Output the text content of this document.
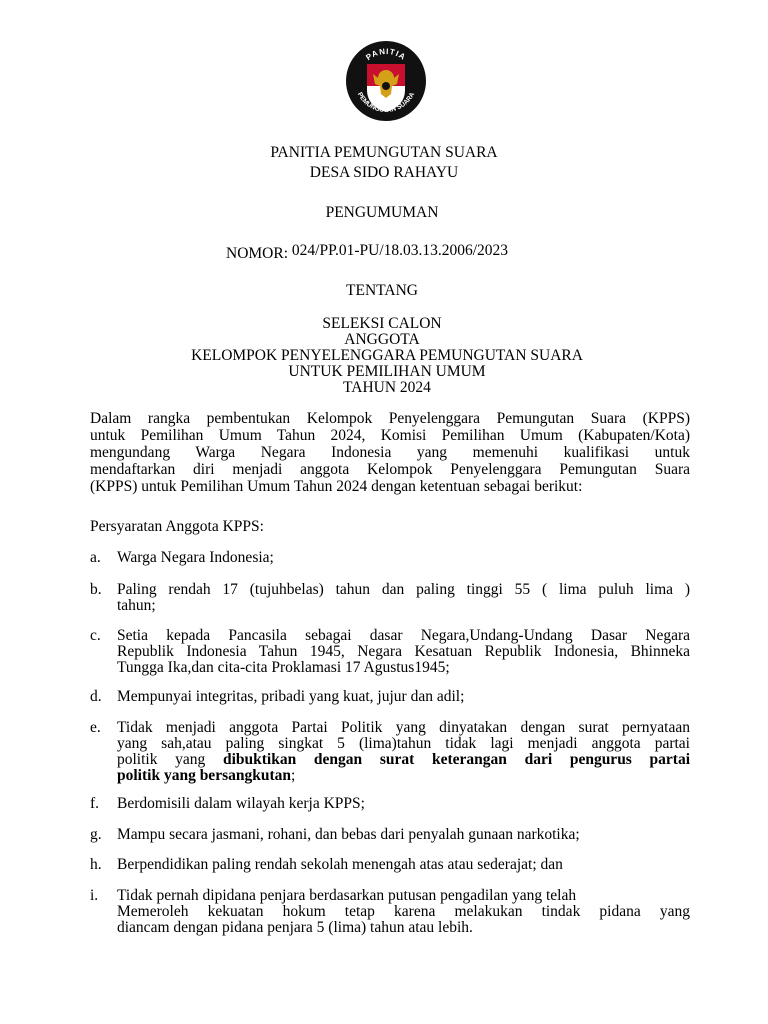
PANITIA
PEMUNGUTAN SUARA
PANITIA PEMUNGUTAN SUARA
DESA SIDO RAHAYU
PENGUMUMAN
NOMOR: 024/PP.01-PU/18.03.13.2006/2023
TENTANG
SELEKSI CALON
ANGGOTA
KELOMPOK PENYELENGGARA PEMUNGUTAN SUARA
UNTUK PEMILIHAN UMUM
TAHUN 2024
Dalam rangka pembentukan Kelompok Penyelenggara Pemungutan Suara (KPPS)
untuk Pemilihan Umum Tahun 2024, Komisi Pemilihan Umum (Kabupaten/Kota)
mengundang Warga Negara Indonesia yang memenuhi kualifikasi untuk
mendaftarkan diri menjadi anggota Kelompok Penyelenggara Pemungutan Suara
(KPPS) untuk Pemilihan Umum Tahun 2024 dengan ketentuan sebagai berikut:
Persyaratan Anggota KPPS:
a. Warga Negara Indonesia;
b. Paling rendah 17 (tujuhbelas) tahun dan paling tinggi 55 ( lima puluh lima )
tahun;
c. Setia kepada Pancasila sebagai dasar Negara,Undang-Undang Dasar Negara
Republik Indonesia Tahun 1945, Negara Kesatuan Republik Indonesia, Bhinneka
Tungga Ika,dan cita-cita Proklamasi 17 Agustus1945;
d. Mempunyai integritas, pribadi yang kuat, jujur dan adil;
e. Tidak menjadi anggota Partai Politik yang dinyatakan dengan surat pernyataan
yang sah,atau paling singkat 5 (lima)tahun tidak lagi menjadi anggota partai
politik yang dibuktikan dengan surat keterangan dari pengurus partai
politik yang bersangkutan;
f. Berdomisili dalam wilayah kerja KPPS;
g. Mampu secara jasmani, rohani, dan bebas dari penyalah gunaan narkotika;
h. Berpendidikan paling rendah sekolah menengah atas atau sederajat; dan
i. Tidak pernah dipidana penjara berdasarkan putusan pengadilan yang telah
Memeroleh kekuatan hokum tetap karena melakukan tindak pidana yang
diancam dengan pidana penjara 5 (lima) tahun atau lebih.
